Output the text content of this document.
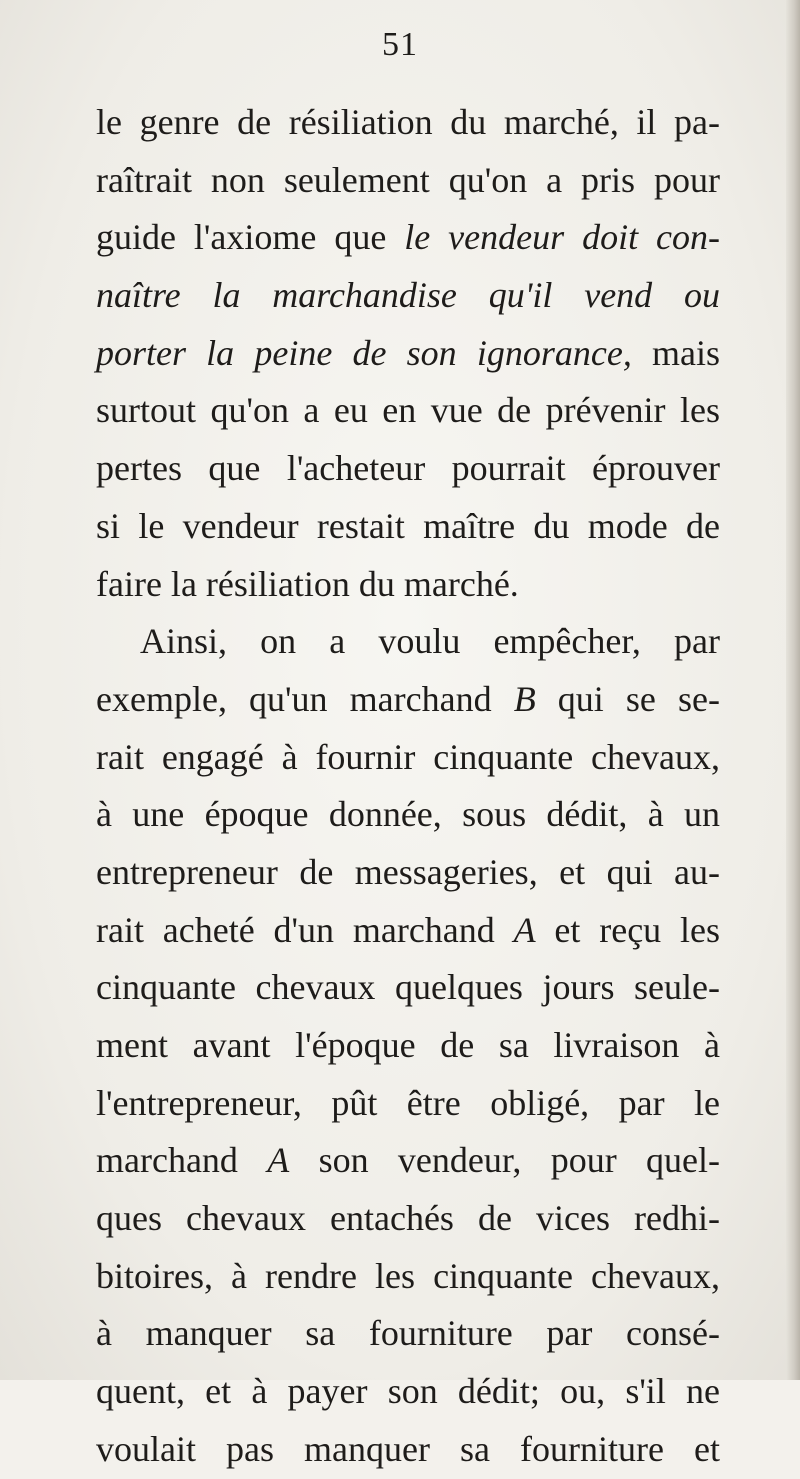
51
le genre de résiliation du marché, il pa-
raîtrait non seulement qu'on a pris pour
guide l'axiome que le vendeur doit con-
naître la marchandise qu'il vend ou
porter la peine de son ignorance, mais
surtout qu'on a eu en vue de prévenir les
pertes que l'acheteur pourrait éprouver
si le vendeur restait maître du mode de
faire la résiliation du marché.
Ainsi, on a voulu empêcher, par
exemple, qu'un marchand B qui se se-
rait engagé à fournir cinquante chevaux,
à une époque donnée, sous dédit, à un
entrepreneur de messageries, et qui au-
rait acheté d'un marchand A et reçu les
cinquante chevaux quelques jours seule-
ment avant l'époque de sa livraison à
l'entrepreneur, pût être obligé, par le
marchand A son vendeur, pour quel-
ques chevaux entachés de vices redhi-
bitoires, à rendre les cinquante chevaux,
à manquer sa fourniture par consé-
quent, et à payer son dédit; ou, s'il ne
voulait pas manquer sa fourniture et
